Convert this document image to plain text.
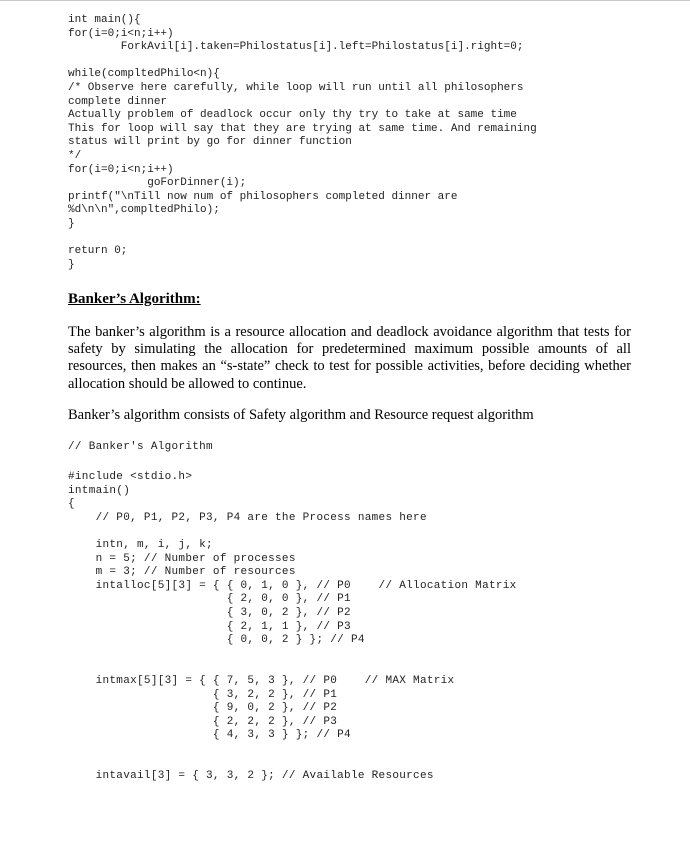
int main(){
for(i=0;i<n;i++)
ForkAvil[i].taken=Philostatus[i].left=Philostatus[i].right=0;

while(compltedPhilo<n){
/* Observe here carefully, while loop will run until all philosophers
complete dinner
Actually problem of deadlock occur only thy try to take at same time
This for loop will say that they are trying at same time. And remaining
status will print by go for dinner function
*/
for(i=0;i<n;i++)
goForDinner(i);
printf("\nTill now num of philosophers completed dinner are
%d\n\n",compltedPhilo);
}

return 0;
}
Banker’s Algorithm:

The banker’s algorithm is a resource allocation and deadlock avoidance algorithm that tests for safety by simulating the allocation for predetermined maximum possible amounts of all resources, then makes an “s-state” check to test for possible activities, before deciding whether allocation should be allowed to continue.

Banker’s algorithm consists of Safety algorithm and Resource request algorithm

// Banker's Algorithm
#include <stdio.h>
intmain()
{
// P0, P1, P2, P3, P4 are the Process names here

intn, m, i, j, k;
n = 5; // Number of processes
m = 3; // Number of resources
intalloc[5][3] = { { 0, 1, 0 }, // P0    // Allocation Matrix
{ 2, 0, 0 }, // P1
{ 3, 0, 2 }, // P2
{ 2, 1, 1 }, // P3
{ 0, 0, 2 } }; // P4

intmax[5][3] = { { 7, 5, 3 }, // P0    // MAX Matrix
{ 3, 2, 2 }, // P1
{ 9, 0, 2 }, // P2
{ 2, 2, 2 }, // P3
{ 4, 3, 3 } }; // P4

intavail[3] = { 3, 3, 2 }; // Available Resources
